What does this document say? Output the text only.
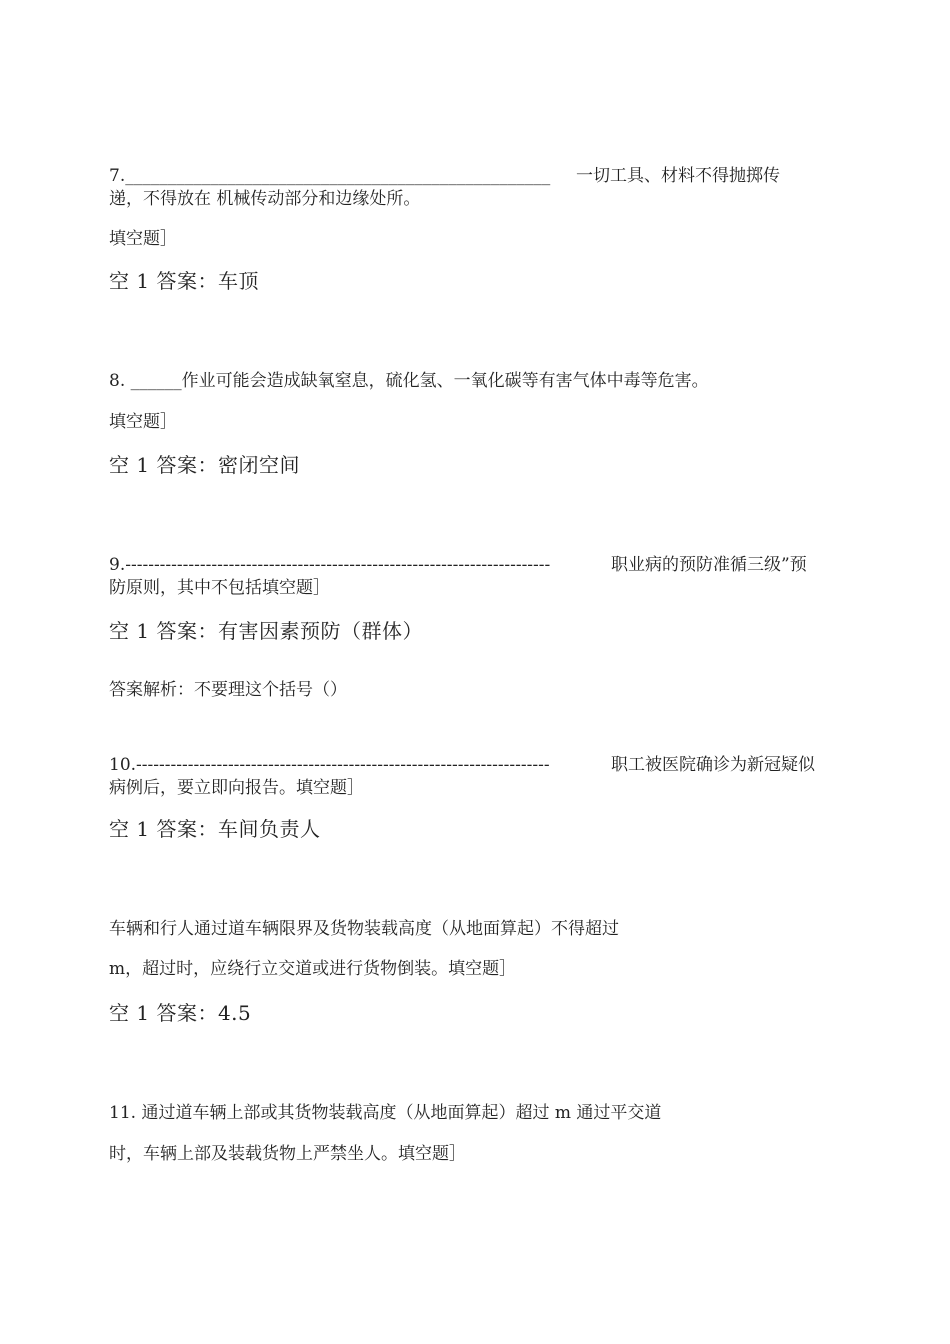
7.__________________________________________________ 一切工具、材料不得抛掷传
递，不得放在 机械传动部分和边缘处所。
填空题］
空 1 答案：车顶
8. ______作业可能会造成缺氧窒息，硫化氢、一氧化碳等有害气体中毒等危害。
填空题］
空 1 答案：密闭空间
9.--------------------------------------------------------------------------	职业病的预防准循三级”预
防原则，其中不包括填空题］
空 1 答案：有害因素预防（群体）
答案解析：不要理这个括号（）
10.------------------------------------------------------------------------	职工被医院确诊为新冠疑似
病例后，要立即向报告。填空题］
空 1 答案：车间负责人
车辆和行人通过道车辆限界及货物装载高度（从地面算起）不得超过
m，超过时，应绕行立交道或进行货物倒装。填空题］
空 1 答案：4.5
11. 通过道车辆上部或其货物装载高度（从地面算起）超过 m 通过平交道
时，车辆上部及装载货物上严禁坐人。填空题］
